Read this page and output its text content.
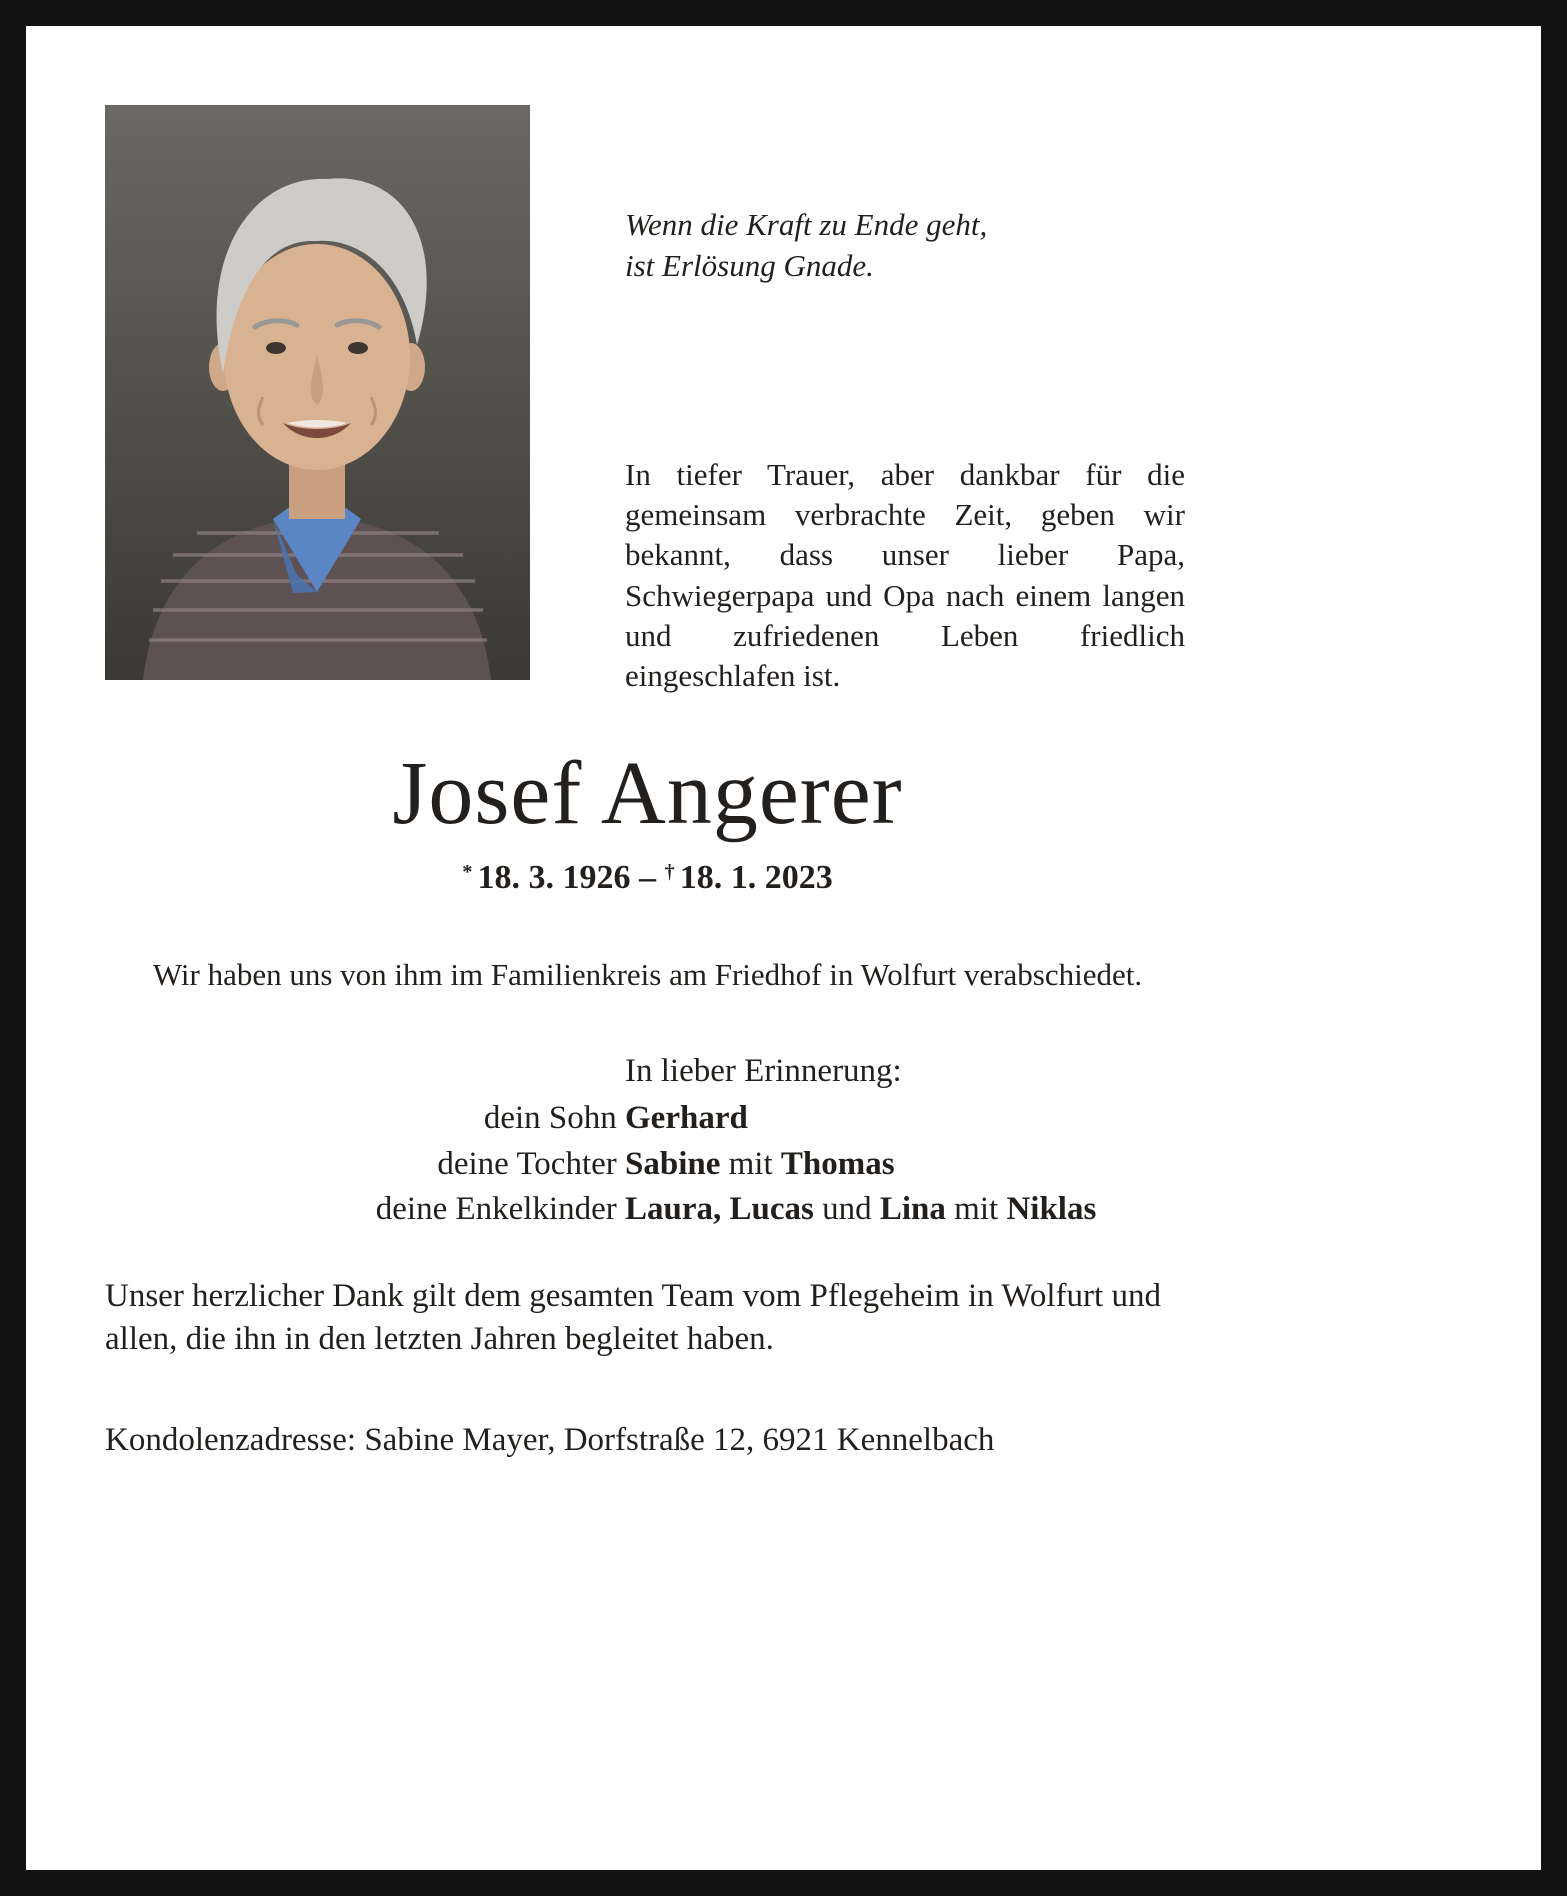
Wenn die Kraft zu Ende geht,
ist Erlösung Gnade.

In tiefer Trauer, aber dankbar für die gemeinsam verbrachte Zeit, geben wir bekannt, dass unser lieber Papa, Schwiegerpapa und Opa nach einem langen und zufriedenen Leben friedlich eingeschlafen ist.

Josef Angerer
* 18. 3. 1926 – † 18. 1. 2023

Wir haben uns von ihm im Familienkreis am Friedhof in Wolfurt verabschiedet.

In lieber Erinnerung:

dein Sohn Gerhard
deine Tochter Sabine mit Thomas
deine Enkelkinder Laura, Lucas und Lina mit Niklas

Unser herzlicher Dank gilt dem gesamten Team vom Pflegeheim in Wolfurt und allen, die ihn in den letzten Jahren begleitet haben.

Kondolenzadresse: Sabine Mayer, Dorfstraße 12, 6921 Kennelbach
